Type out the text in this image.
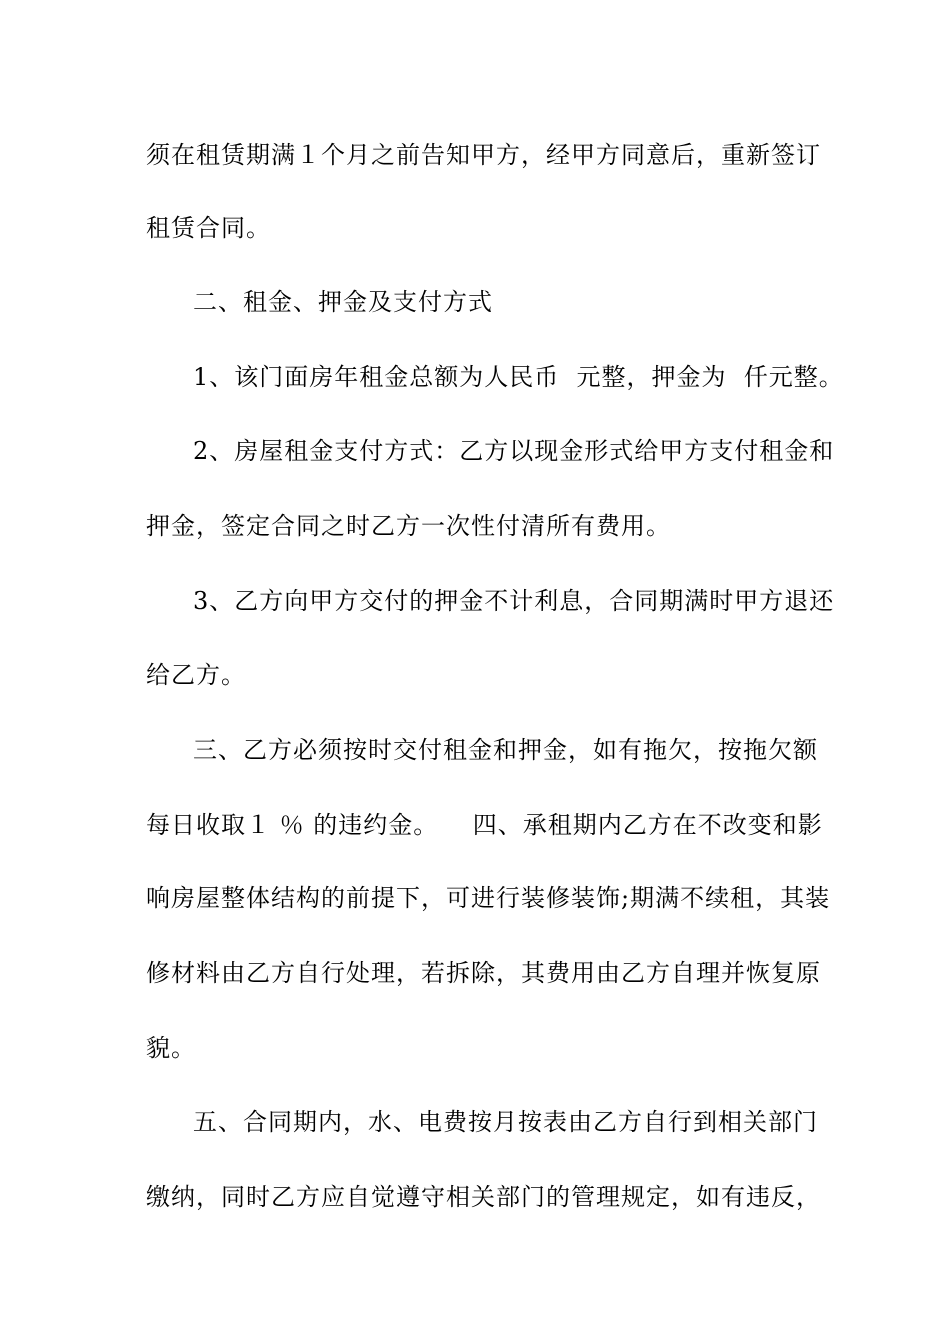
须在租赁期满１个月之前告知甲方，经甲方同意后，重新签订
租赁合同。
二、租金、押金及支付方式
1、该门面房年租金总额为人民币  元整，押金为  仟元整。
2、房屋租金支付方式：乙方以现金形式给甲方支付租金和
押金，签定合同之时乙方一次性付清所有费用。
3、乙方向甲方交付的押金不计利息，合同期满时甲方退还
给乙方。
三、乙方必须按时交付租金和押金，如有拖欠，按拖欠额
每日收取１ ％ 的违约金。    四、承租期内乙方在不改变和影
响房屋整体结构的前提下，可进行装修装饰;期满不续租，其装
修材料由乙方自行处理，若拆除，其费用由乙方自理并恢复原
貌。
五、合同期内，水、电费按月按表由乙方自行到相关部门
缴纳，同时乙方应自觉遵守相关部门的管理规定，如有违反，
